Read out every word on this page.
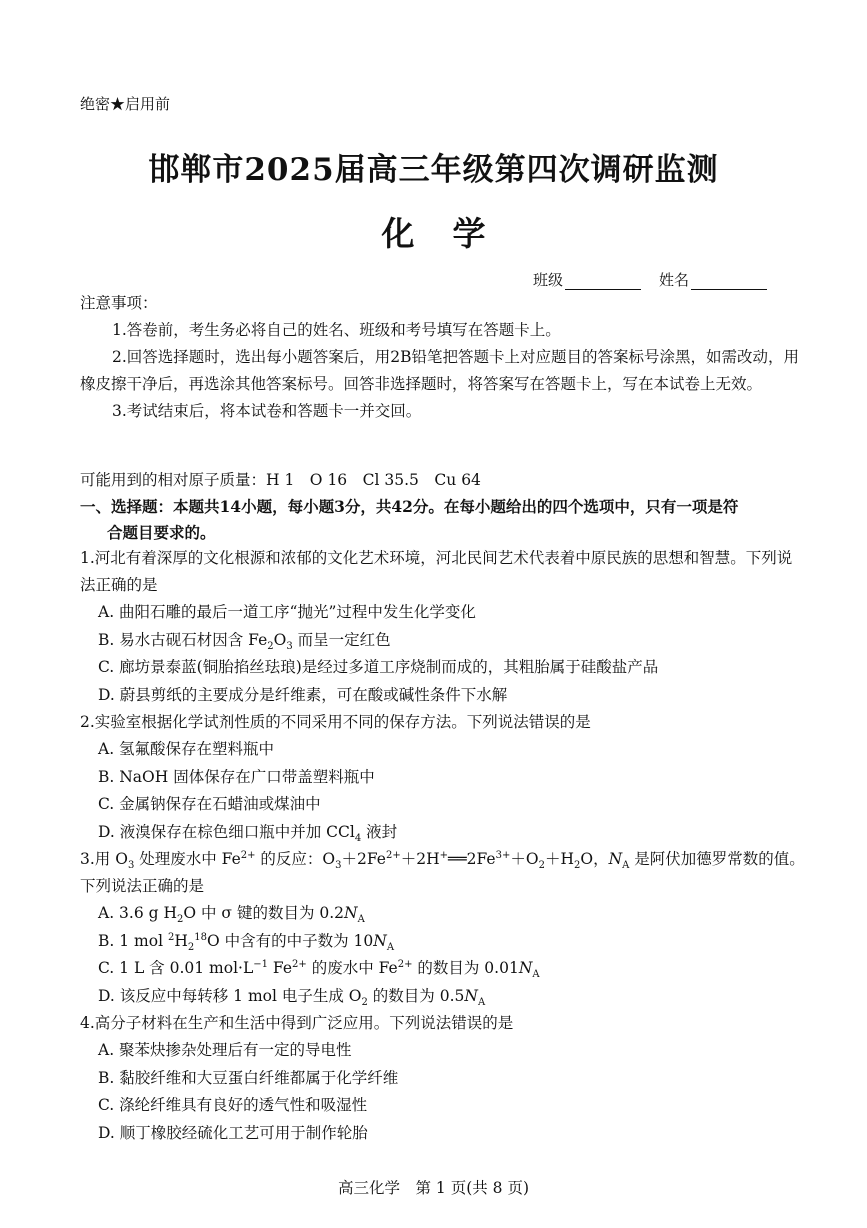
绝密★启用前
邯郸市2025届高三年级第四次调研监测
化学
班级	姓名

注意事项：

1.答卷前，考生务必将自己的姓名、班级和考号填写在答题卡上。

2.回答选择题时，选出每小题答案后，用2B铅笔把答题卡上对应题目的答案标号涂黑，如需改动，用橡皮擦干净后，再选涂其他答案标号。回答非选择题时，将答案写在答题卡上，写在本试卷上无效。

3.考试结束后，将本试卷和答题卡一并交回。

可能用到的相对原子质量：H 1　O 16　Cl 35.5　Cu 64
一、选择题：本题共14小题，每小题3分，共42分。在每小题给出的四个选项中，只有一项是符
合题目要求的。
1.河北有着深厚的文化根源和浓郁的文化艺术环境，河北民间艺术代表着中原民族的思想和智慧。下列说法正确的是
A. 曲阳石雕的最后一道工序“抛光”过程中发生化学变化
B. 易水古砚石材因含 $Fe_2O_3$ 而呈一定红色
C. 廊坊景泰蓝(铜胎掐丝珐琅)是经过多道工序烧制而成的，其粗胎属于硅酸盐产品
D. 蔚县剪纸的主要成分是纤维素，可在酸或碱性条件下水解
2.实验室根据化学试剂性质的不同采用不同的保存方法。下列说法错误的是
A. 氢氟酸保存在塑料瓶中
B. NaOH 固体保存在广口带盖塑料瓶中
C. 金属钠保存在石蜡油或煤油中
D. 液溴保存在棕色细口瓶中并加 CCl$_4$ 液封
3.用 $O_3$ 处理废水中 $Fe^{2+}$ 的反应：$O_3+2Fe^{2+}+2H^+══2Fe^{3+}+O_2+H_2O$，$N_A$ 是阿伏加德罗常数的值。下列说法正确的是
A. 3.6 g $H_2O$ 中 σ 键的数目为 $0.2N_A$
B. 1 mol $^2H_2^{18}O$ 中含有的中子数为 $10N_A$
C. 1 L 含 0.01 $mol\cdot L^{-1}$ $Fe^{2+}$ 的废水中 $Fe^{2+}$ 的数目为 $0.01N_A$
D. 该反应中每转移 1 mol 电子生成 $O_2$ 的数目为 $0.5N_A$
4.高分子材料在生产和生活中得到广泛应用。下列说法错误的是
A. 聚苯炔掺杂处理后有一定的导电性
B. 黏胶纤维和大豆蛋白纤维都属于化学纤维
C. 涤纶纤维具有良好的透气性和吸湿性
D. 顺丁橡胶经硫化工艺可用于制作轮胎
高三化学　第 1 页(共 8 页)
